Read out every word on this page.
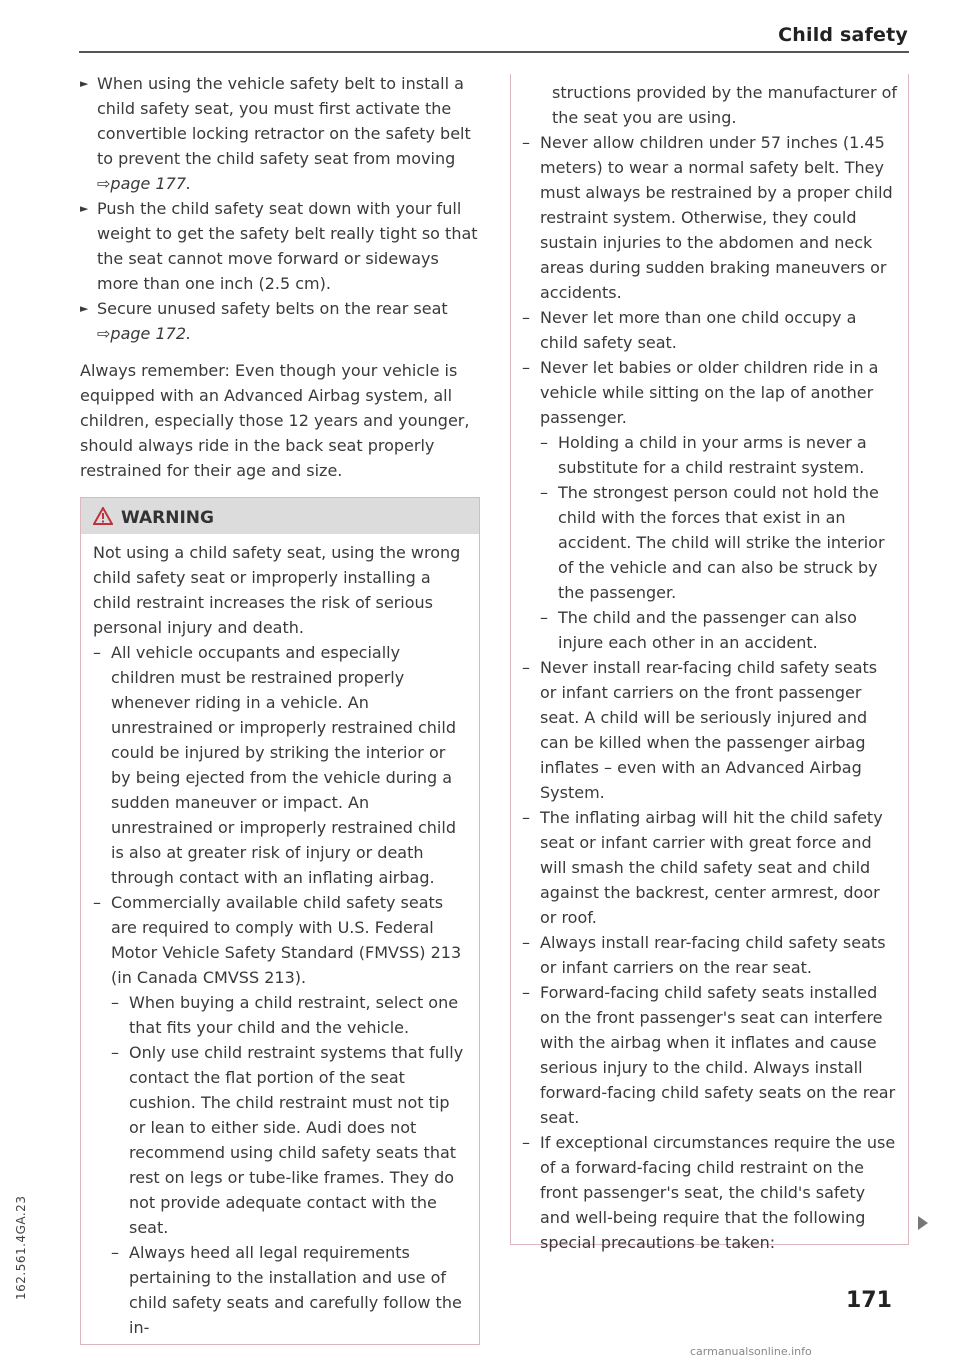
Child safety
► When using the vehicle safety belt to install a child safety seat, you must first activate the convertible locking retractor on the safety belt to prevent the child safety seat from moving ⇨page 177.
► Push the child safety seat down with your full weight to get the safety belt really tight so that the seat cannot move forward or sideways more than one inch (2.5 cm).
► Secure unused safety belts on the rear seat ⇨page 172.

Always remember: Even though your vehicle is equipped with an Advanced Airbag system, all children, especially those 12 years and younger, should always ride in the back seat properly restrained for their age and size.

WARNING

Not using a child safety seat, using the wrong child safety seat or improperly installing a child restraint increases the risk of serious personal injury and death.

– All vehicle occupants and especially children must be restrained properly whenever riding in a vehicle. An unrestrained or improperly restrained child could be injured by striking the interior or by being ejected from the vehicle during a sudden maneuver or impact. An unrestrained or improperly restrained child is also at greater risk of injury or death through contact with an inflating airbag.
– Commercially available child safety seats are required to comply with U.S. Federal Motor Vehicle Safety Standard (FMVSS) 213 (in Canada CMVSS 213).
– When buying a child restraint, select one that fits your child and the vehicle.
– Only use child restraint systems that fully contact the flat portion of the seat cushion. The child restraint must not tip or lean to either side. Audi does not recommend using child safety seats that rest on legs or tube-like frames. They do not provide adequate contact with the seat.
– Always heed all legal requirements pertaining to the installation and use of child safety seats and carefully follow the in-

structions provided by the manufacturer of the seat you are using.

– Never allow children under 57 inches (1.45 meters) to wear a normal safety belt. They must always be restrained by a proper child restraint system. Otherwise, they could sustain injuries to the abdomen and neck areas during sudden braking maneuvers or accidents.
– Never let more than one child occupy a child safety seat.
– Never let babies or older children ride in a vehicle while sitting on the lap of another passenger.
– Holding a child in your arms is never a substitute for a child restraint system.
– The strongest person could not hold the child with the forces that exist in an accident. The child will strike the interior of the vehicle and can also be struck by the passenger.
– The child and the passenger can also injure each other in an accident.
– Never install rear-facing child safety seats or infant carriers on the front passenger seat. A child will be seriously injured and can be killed when the passenger airbag inflates – even with an Advanced Airbag System.
– The inflating airbag will hit the child safety seat or infant carrier with great force and will smash the child safety seat and child against the backrest, center armrest, door or roof.
– Always install rear-facing child safety seats or infant carriers on the rear seat.
– Forward-facing child safety seats installed on the front passenger's seat can interfere with the airbag when it inflates and cause serious injury to the child. Always install forward-facing child safety seats on the rear seat.
– If exceptional circumstances require the use of a forward-facing child restraint on the front passenger's seat, the child's safety and well-being require that the following special precautions be taken:
162.561.4GA.23
171
carmanualsonline.info
